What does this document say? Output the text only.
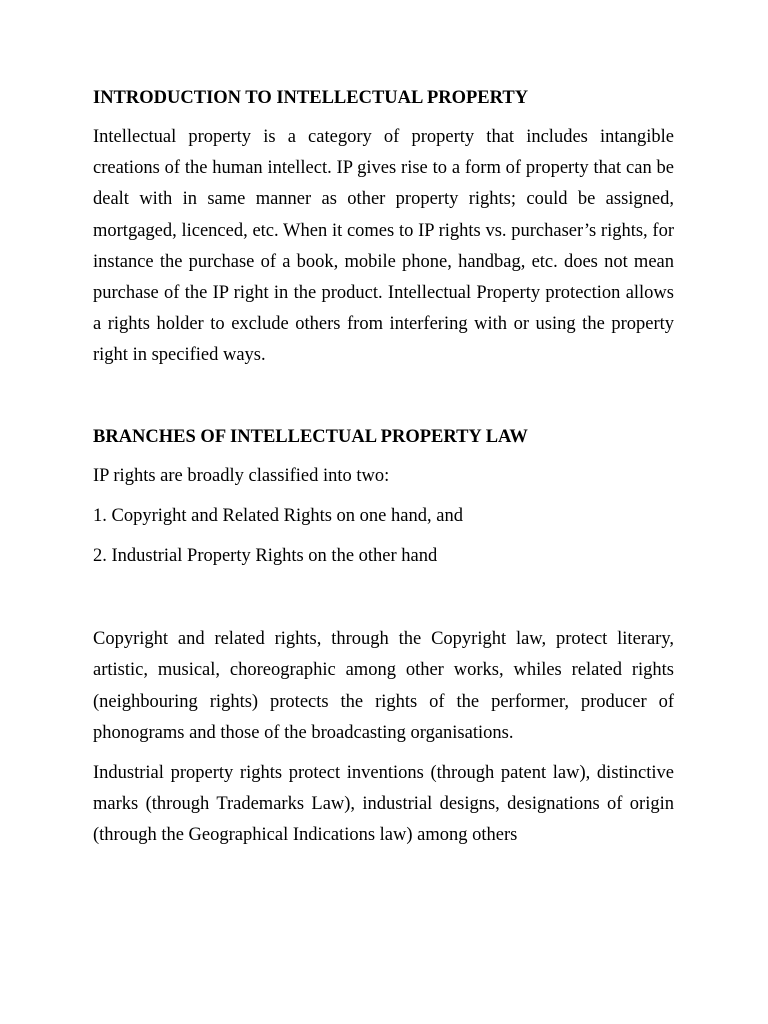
INTRODUCTION TO INTELLECTUAL PROPERTY

Intellectual property is a category of property that includes intangible creations of the human intellect. IP gives rise to a form of property that can be dealt with in same manner as other property rights; could be assigned, mortgaged, licenced, etc. When it comes to IP rights vs. purchaser’s rights, for instance the purchase of a book, mobile phone, handbag, etc. does not mean purchase of the IP right in the product. Intellectual Property protection allows a rights holder to exclude others from interfering with or using the property right in specified ways.

BRANCHES OF INTELLECTUAL PROPERTY LAW

IP rights are broadly classified into two:

1. Copyright and Related Rights on one hand, and

2. Industrial Property Rights on the other hand

Copyright and related rights, through the Copyright law, protect literary, artistic, musical, choreographic among other works, whiles related rights (neighbouring rights) protects the rights of the performer, producer of phonograms and those of the broadcasting organisations.

Industrial property rights protect inventions (through patent law), distinctive marks (through Trademarks Law), industrial designs, designations of origin (through the Geographical Indications law) among others
